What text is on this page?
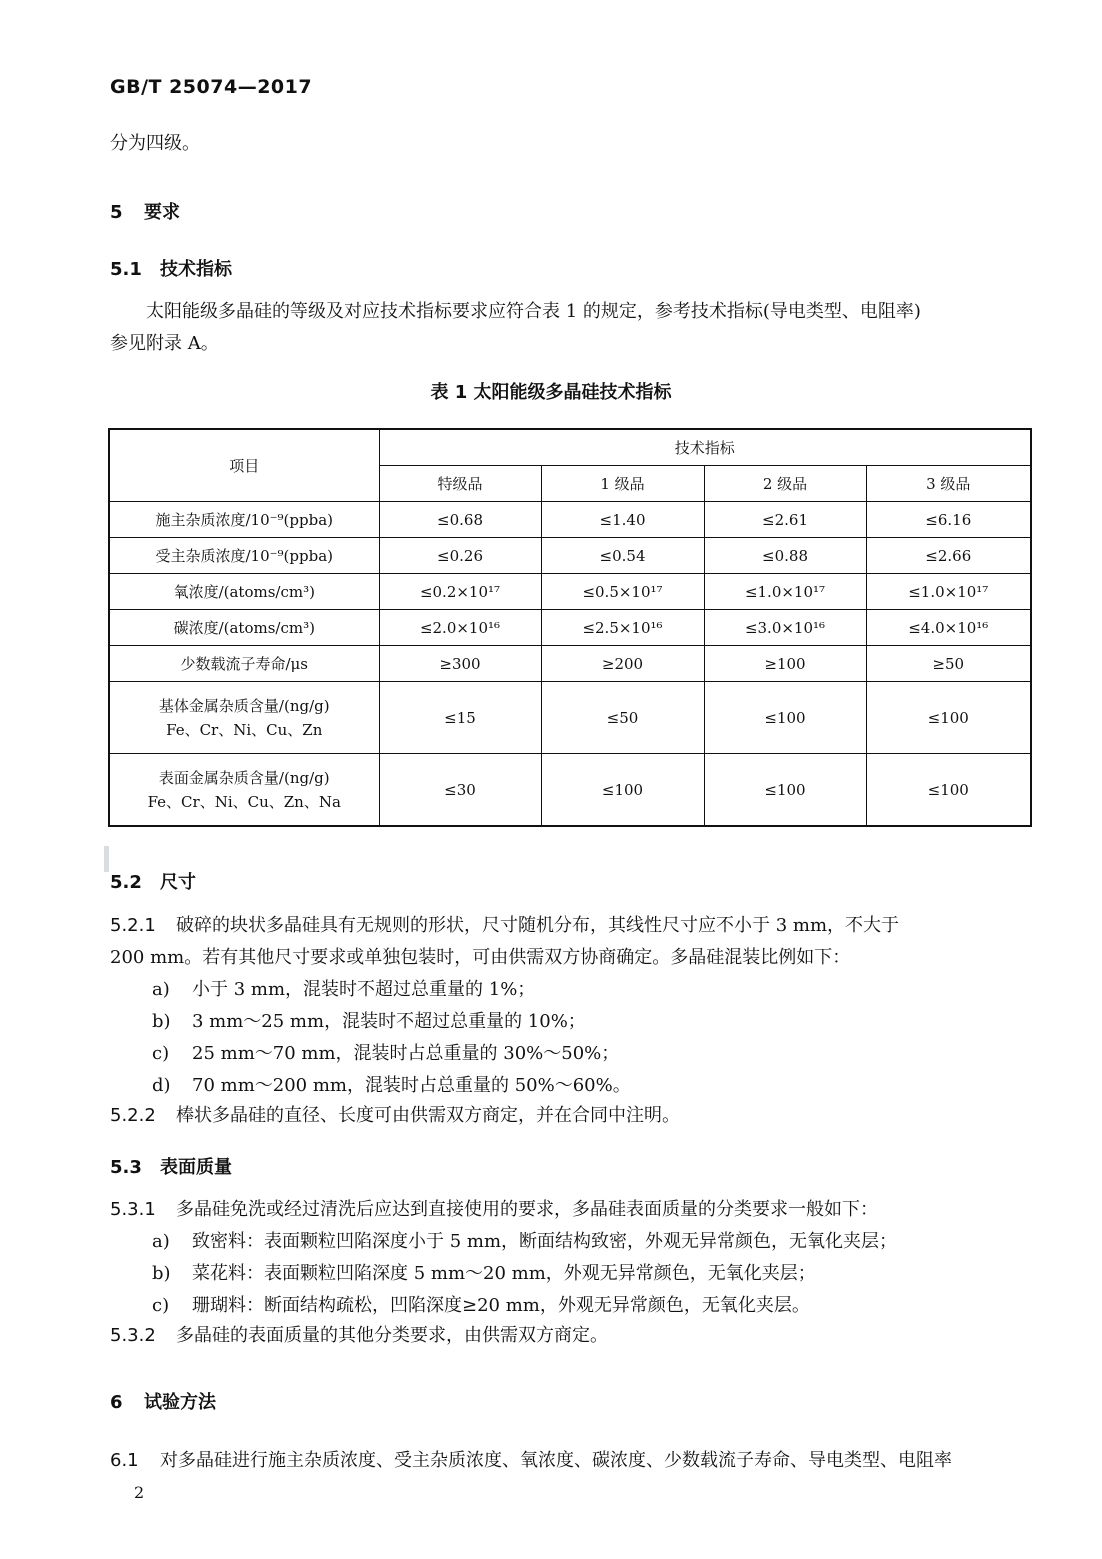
GB/T 25074—2017
分为四级。
5 要求
5.1 技术指标
太阳能级多晶硅的等级及对应技术指标要求应符合表 1 的规定，参考技术指标(导电类型、电阻率)
参见附录 A。
表 1 太阳能级多晶硅技术指标
项目	技术指标			
	特级品	1 级品	2 级品	3 级品
施主杂质浓度/10⁻⁹(ppba)	≤0.68	≤1.40	≤2.61	≤6.16
受主杂质浓度/10⁻⁹(ppba)	≤0.26	≤0.54	≤0.88	≤2.66
氧浓度/(atoms/cm³)	≤0.2×10¹⁷	≤0.5×10¹⁷	≤1.0×10¹⁷	≤1.0×10¹⁷
碳浓度/(atoms/cm³)	≤2.0×10¹⁶	≤2.5×10¹⁶	≤3.0×10¹⁶	≤4.0×10¹⁶
少数载流子寿命/μs	≥300	≥200	≥100	≥50

基体金属杂质含量/(ng/g)
Fe、Cr、Ni、Cu、Zn	≤15	≤50	≤100	≤100

表面金属杂质含量/(ng/g)
Fe、Cr、Ni、Cu、Zn、Na	≤30	≤100	≤100	≤100
5.2 尺寸
5.2.1 破碎的块状多晶硅具有无规则的形状，尺寸随机分布，其线性尺寸应不小于 3 mm，不大于
200 mm。若有其他尺寸要求或单独包装时，可由供需双方协商确定。多晶硅混装比例如下：
a) 小于 3 mm，混装时不超过总重量的 1%；
b) 3 mm～25 mm，混装时不超过总重量的 10%；
c) 25 mm～70 mm，混装时占总重量的 30%～50%；
d) 70 mm～200 mm，混装时占总重量的 50%～60%。
5.2.2 棒状多晶硅的直径、长度可由供需双方商定，并在合同中注明。
5.3 表面质量
5.3.1 多晶硅免洗或经过清洗后应达到直接使用的要求，多晶硅表面质量的分类要求一般如下：
a) 致密料：表面颗粒凹陷深度小于 5 mm，断面结构致密，外观无异常颜色，无氧化夹层；
b) 菜花料：表面颗粒凹陷深度 5 mm～20 mm，外观无异常颜色，无氧化夹层；
c) 珊瑚料：断面结构疏松，凹陷深度≥20 mm，外观无异常颜色，无氧化夹层。
5.3.2 多晶硅的表面质量的其他分类要求，由供需双方商定。
6 试验方法
6.1 对多晶硅进行施主杂质浓度、受主杂质浓度、氧浓度、碳浓度、少数载流子寿命、导电类型、电阻率
2
